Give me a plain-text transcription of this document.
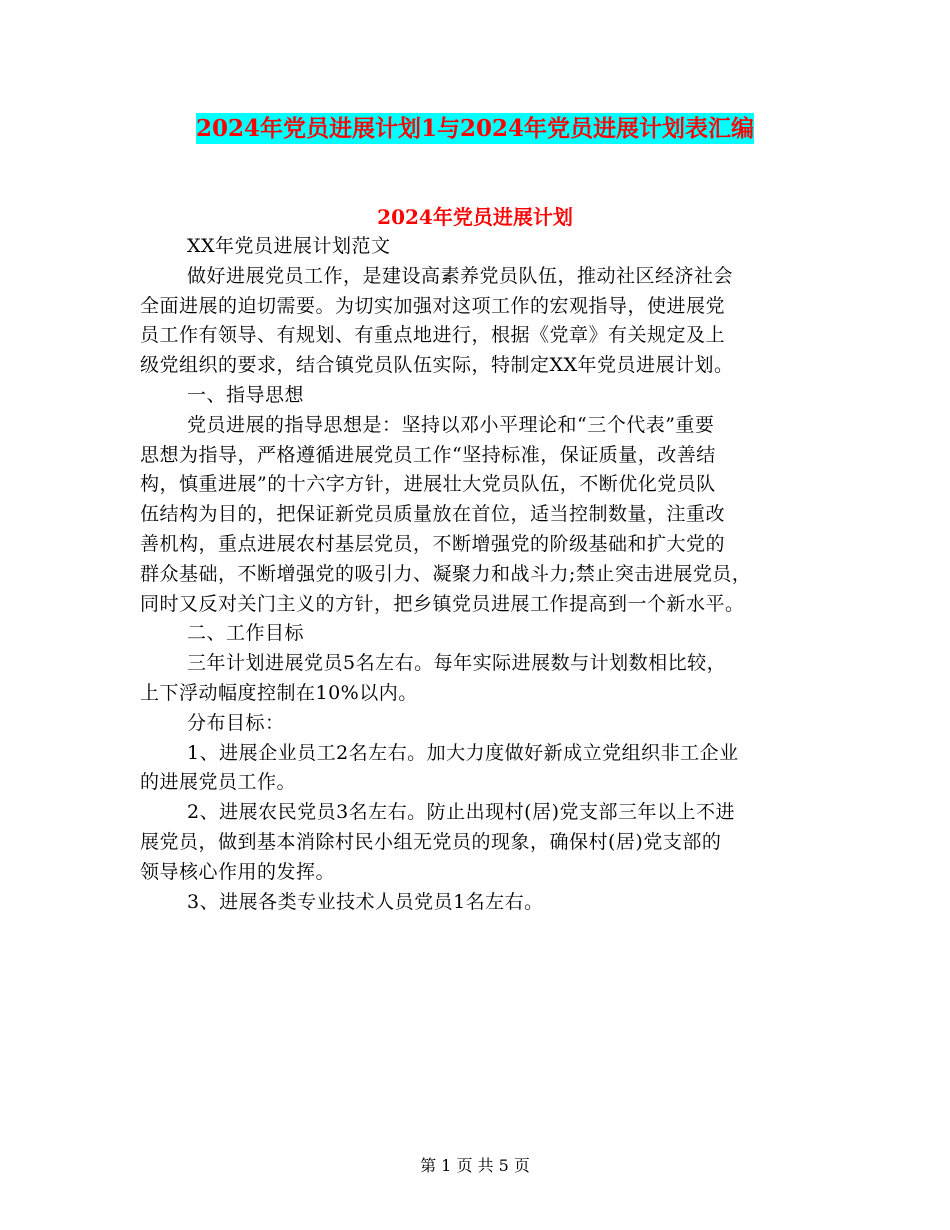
2024年党员进展计划1与2024年党员进展计划表汇编
2024年党员进展计划
XX年党员进展计划范文
做好进展党员工作，是建设高素养党员队伍，推动社区经济社会
全面进展的迫切需要。为切实加强对这项工作的宏观指导，使进展党
员工作有领导、有规划、有重点地进行，根据《党章》有关规定及上
级党组织的要求，结合镇党员队伍实际，特制定XX年党员进展计划。
一、指导思想
党员进展的指导思想是：坚持以邓小平理论和“三个代表”重要
思想为指导，严格遵循进展党员工作“坚持标准，保证质量，改善结
构，慎重进展”的十六字方针，进展壮大党员队伍，不断优化党员队
伍结构为目的，把保证新党员质量放在首位，适当控制数量，注重改
善机构，重点进展农村基层党员，不断增强党的阶级基础和扩大党的
群众基础，不断增强党的吸引力、凝聚力和战斗力;禁止突击进展党员，
同时又反对关门主义的方针，把乡镇党员进展工作提高到一个新水平。
二、工作目标
三年计划进展党员5名左右。每年实际进展数与计划数相比较，
上下浮动幅度控制在10%以内。
分布目标：
1、进展企业员工2名左右。加大力度做好新成立党组织非工企业
的进展党员工作。
2、进展农民党员3名左右。防止出现村(居)党支部三年以上不进
展党员，做到基本消除村民小组无党员的现象，确保村(居)党支部的
领导核心作用的发挥。
3、进展各类专业技术人员党员1名左右。
第 1 页 共 5 页
